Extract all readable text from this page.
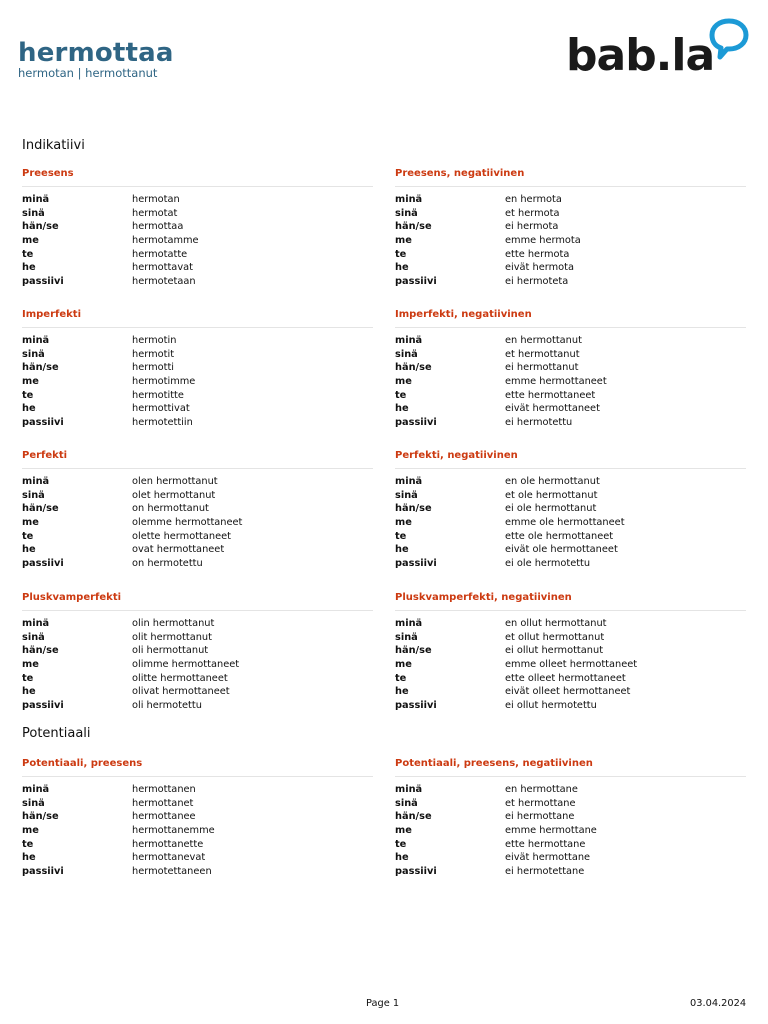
hermottaa
hermotan | hermottanut	bab.la
Indikatiivi
Preesens
minä	hermotan
sinä	hermotat
hän/se	hermottaa
me	hermotamme
te	hermotatte
he	hermottavat
passiivi	hermotetaan
Preesens, negatiivinen
minä	en hermota
sinä	et hermota
hän/se	ei hermota
me	emme hermota
te	ette hermota
he	eivät hermota
passiivi	ei hermoteta
Imperfekti
minä	hermotin
sinä	hermotit
hän/se	hermotti
me	hermotimme
te	hermotitte
he	hermottivat
passiivi	hermotettiin
Imperfekti, negatiivinen
minä	en hermottanut
sinä	et hermottanut
hän/se	ei hermottanut
me	emme hermottaneet
te	ette hermottaneet
he	eivät hermottaneet
passiivi	ei hermotettu
Perfekti
minä	olen hermottanut
sinä	olet hermottanut
hän/se	on hermottanut
me	olemme hermottaneet
te	olette hermottaneet
he	ovat hermottaneet
passiivi	on hermotettu
Perfekti, negatiivinen
minä	en ole hermottanut
sinä	et ole hermottanut
hän/se	ei ole hermottanut
me	emme ole hermottaneet
te	ette ole hermottaneet
he	eivät ole hermottaneet
passiivi	ei ole hermotettu
Pluskvamperfekti
minä	olin hermottanut
sinä	olit hermottanut
hän/se	oli hermottanut
me	olimme hermottaneet
te	olitte hermottaneet
he	olivat hermottaneet
passiivi	oli hermotettu
Pluskvamperfekti, negatiivinen
minä	en ollut hermottanut
sinä	et ollut hermottanut
hän/se	ei ollut hermottanut
me	emme olleet hermottaneet
te	ette olleet hermottaneet
he	eivät olleet hermottaneet
passiivi	ei ollut hermotettu
Potentiaali
Potentiaali, preesens
minä	hermottanen
sinä	hermottanet
hän/se	hermottanee
me	hermottanemme
te	hermottanette
he	hermottanevat
passiivi	hermotettaneen
Potentiaali, preesens, negatiivinen
minä	en hermottane
sinä	et hermottane
hän/se	ei hermottane
me	emme hermottane
te	ette hermottane
he	eivät hermottane
passiivi	ei hermotettane
Page 1	03.04.2024
